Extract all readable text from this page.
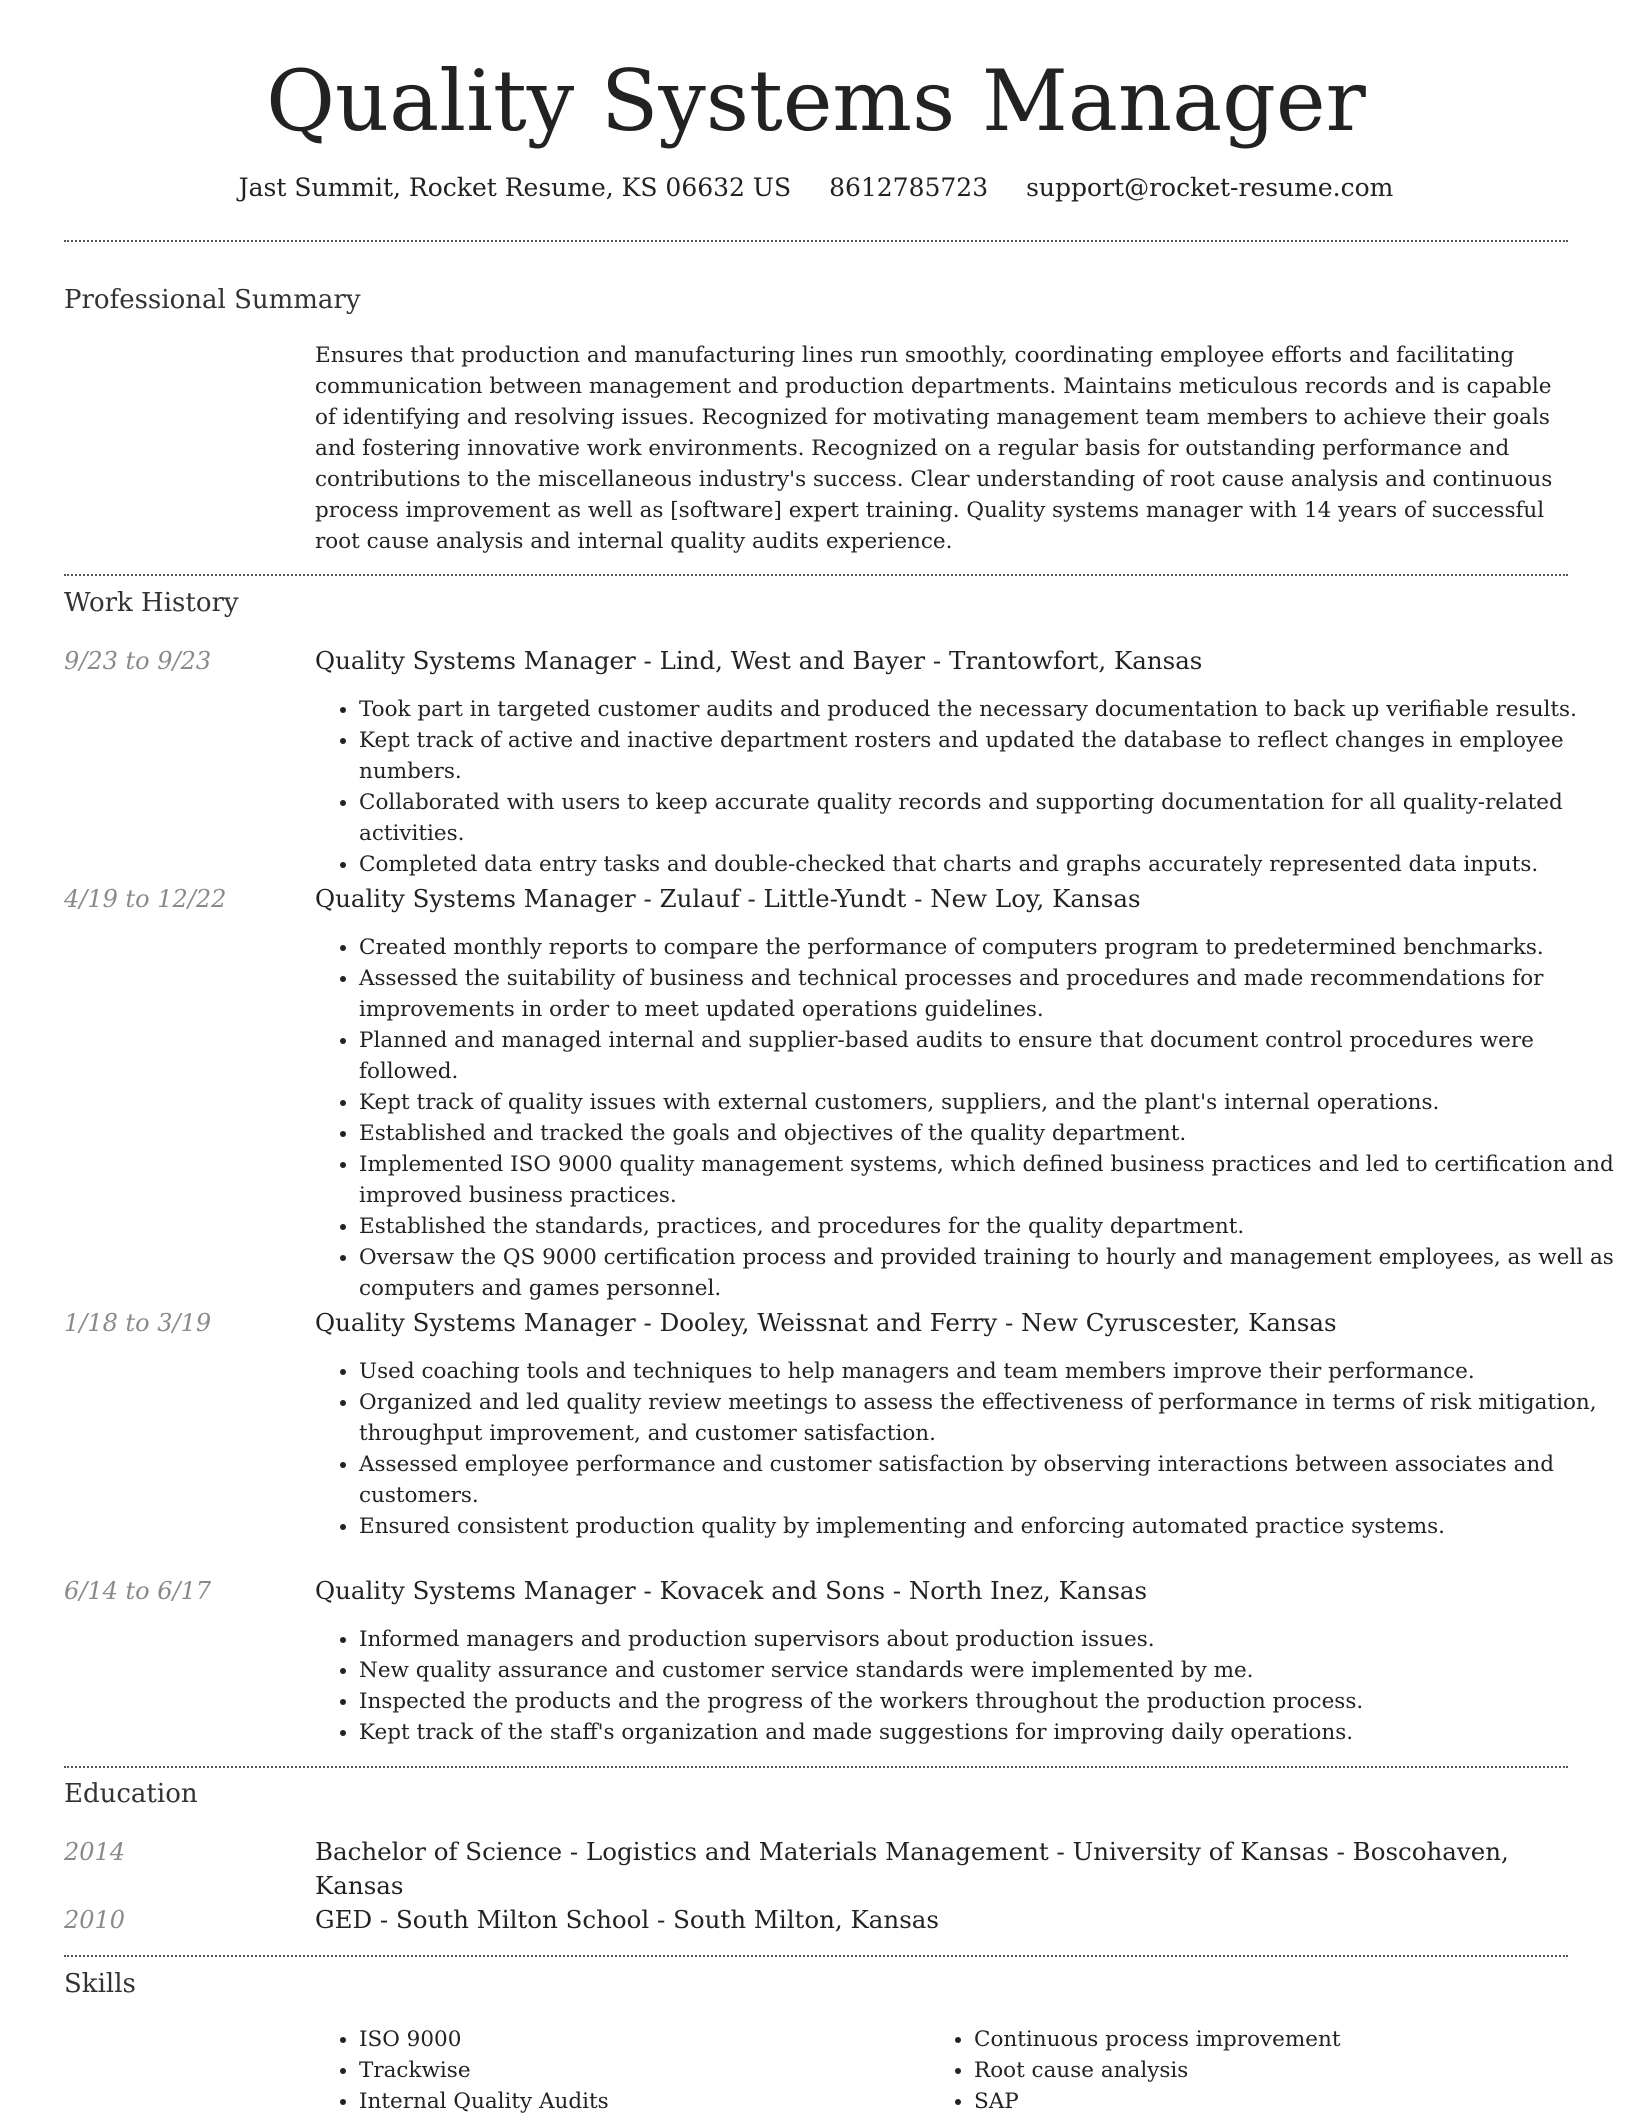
Quality Systems Manager
Jast Summit, Rocket Resume, KS 06632 US 8612785723 support@rocket-resume.com
Professional Summary

Ensures that production and manufacturing lines run smoothly, coordinating employee efforts and facilitating communication between management and production departments. Maintains meticulous records and is capable of identifying and resolving issues. Recognized for motivating management team members to achieve their goals and fostering innovative work environments. Recognized on a regular basis for outstanding performance and contributions to the miscellaneous industry's success. Clear understanding of root cause analysis and continuous process improvement as well as [software] expert training. Quality systems manager with 14 years of successful root cause analysis and internal quality audits experience.

Work History
9/23 to 9/23	Quality Systems Manager - Lind, West and Bayer - Trantowfort, Kansas
• Took part in targeted customer audits and produced the necessary documentation to back up verifiable results.
• Kept track of active and inactive department rosters and updated the database to reflect changes in employee numbers.
• Collaborated with users to keep accurate quality records and supporting documentation for all quality-related activities.
• Completed data entry tasks and double-checked that charts and graphs accurately represented data inputs.
4/19 to 12/22	Quality Systems Manager - Zulauf - Little-Yundt - New Loy, Kansas
• Created monthly reports to compare the performance of computers program to predetermined benchmarks.
• Assessed the suitability of business and technical processes and procedures and made recommendations for improvements in order to meet updated operations guidelines.
• Planned and managed internal and supplier-based audits to ensure that document control procedures were followed.
• Kept track of quality issues with external customers, suppliers, and the plant's internal operations.
• Established and tracked the goals and objectives of the quality department.
• Implemented ISO 9000 quality management systems, which defined business practices and led to certification and improved business practices.
• Established the standards, practices, and procedures for the quality department.
• Oversaw the QS 9000 certification process and provided training to hourly and management employees, as well as computers and games personnel.
1/18 to 3/19	Quality Systems Manager - Dooley, Weissnat and Ferry - New Cyruscester, Kansas
• Used coaching tools and techniques to help managers and team members improve their performance.
• Organized and led quality review meetings to assess the effectiveness of performance in terms of risk mitigation, throughput improvement, and customer satisfaction.
• Assessed employee performance and customer satisfaction by observing interactions between associates and customers.
• Ensured consistent production quality by implementing and enforcing automated practice systems.
6/14 to 6/17	Quality Systems Manager - Kovacek and Sons - North Inez, Kansas
• Informed managers and production supervisors about production issues.
• New quality assurance and customer service standards were implemented by me.
• Inspected the products and the progress of the workers throughout the production process.
• Kept track of the staff's organization and made suggestions for improving daily operations.
Education
2014	Bachelor of Science - Logistics and Materials Management - University of Kansas - Boscohaven, Kansas
2010	GED - South Milton School - South Milton, Kansas
Skills
• ISO 9000
• Trackwise
• Internal Quality Audits
• Continuous process improvement
• Root cause analysis
• SAP
